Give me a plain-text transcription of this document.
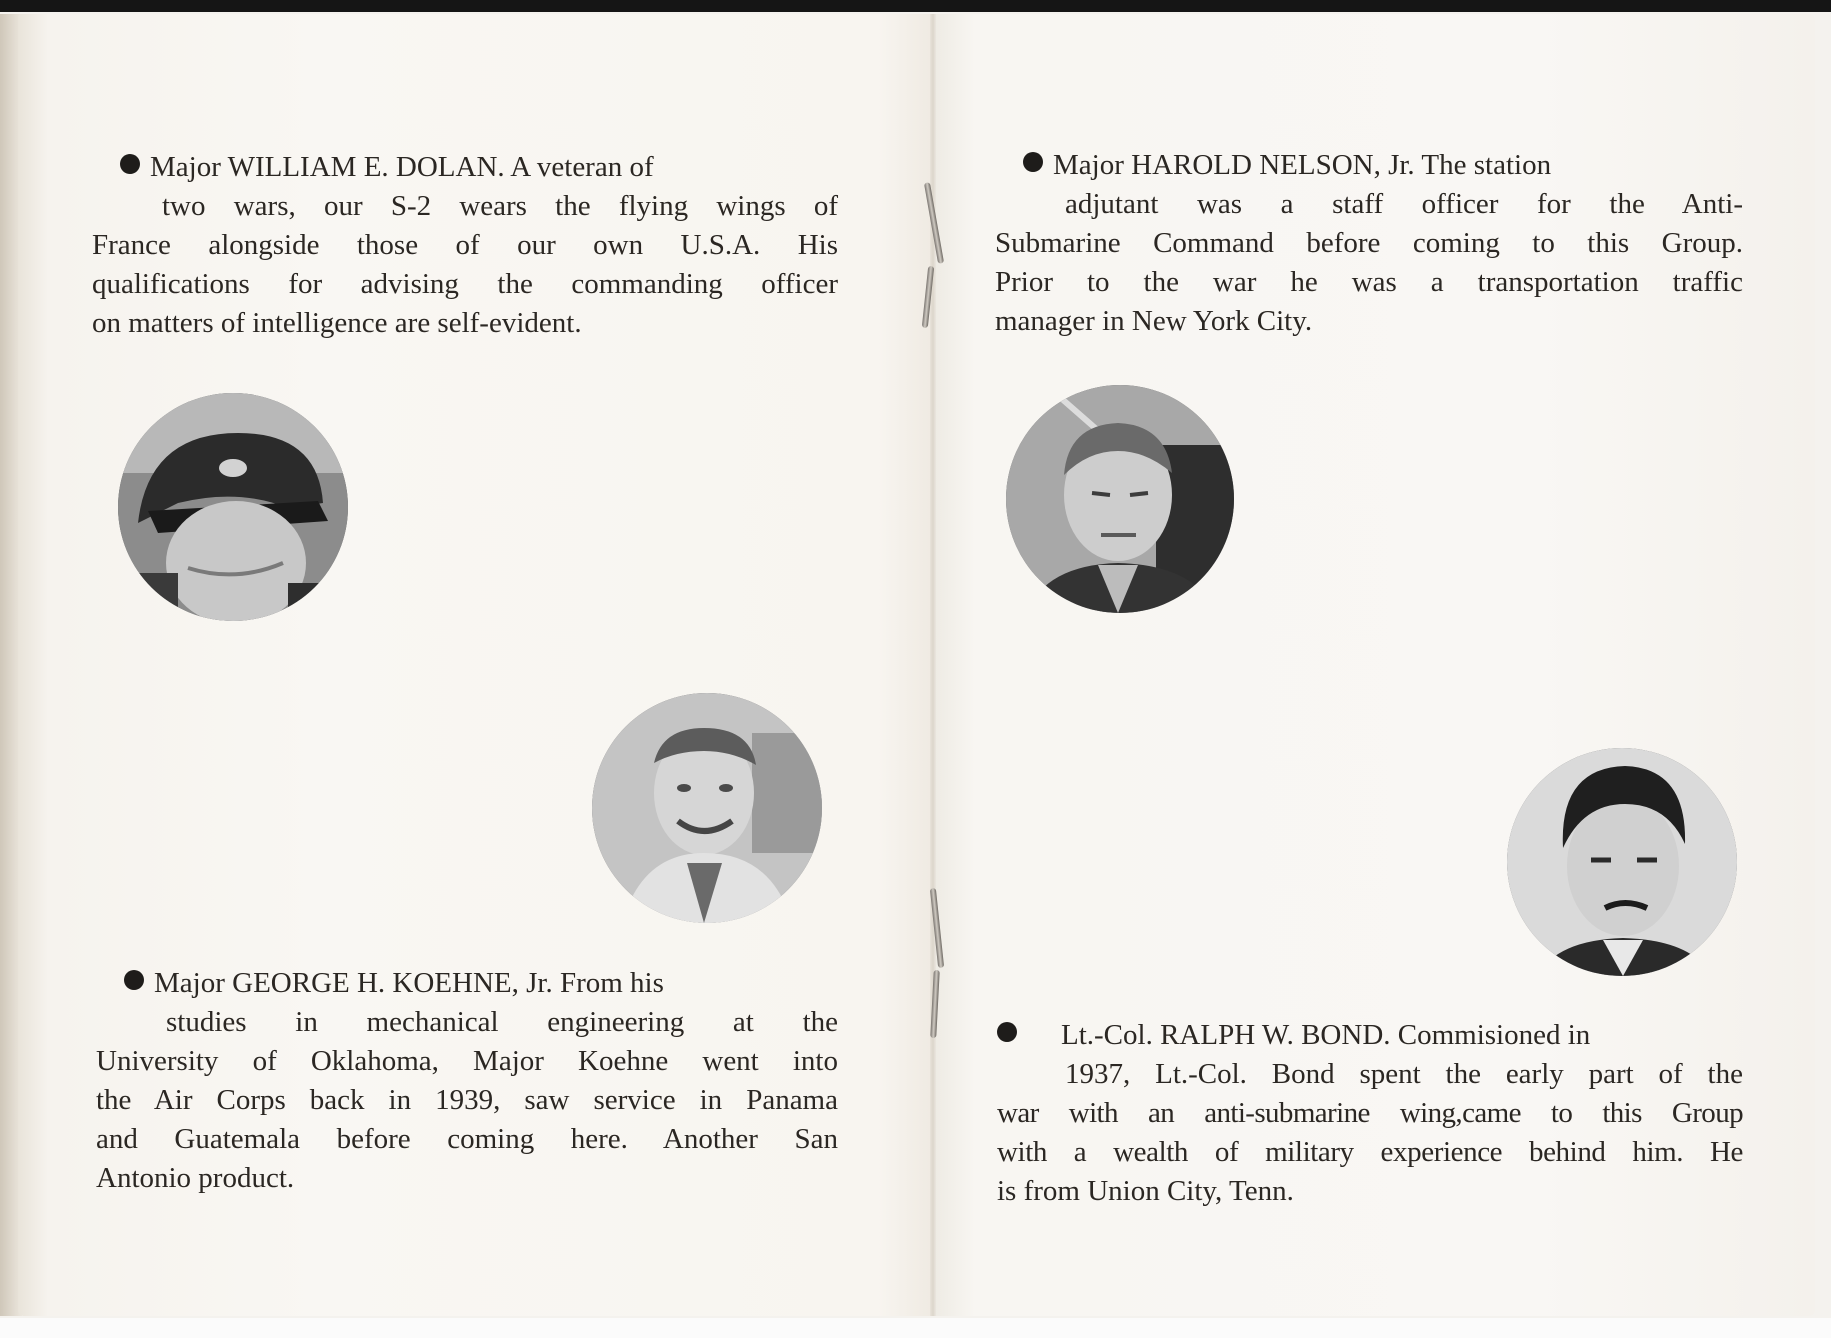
Major WILLIAM E. DOLAN. A veteran of

two wars, our S-2 wears the flying wings of

France alongside those of our own U.S.A. His

qualifications for advising the commanding officer

on matters of intelligence are self-evident.

Major GEORGE H. KOEHNE, Jr. From his

studies in mechanical engineering at the

University of Oklahoma, Major Koehne went into

the Air Corps back in 1939, saw service in Panama

and Guatemala before coming here. Another San

Antonio product.

Major HAROLD NELSON, Jr. The station

adjutant was a staff officer for the Anti-

Submarine Command before coming to this Group.

Prior to the war he was a transportation traffic

manager in New York City.

Lt.-Col. RALPH W. BOND. Commisioned in

1937, Lt.-Col. Bond spent the early part of the

war with an anti-submarine wing,came to this Group

with a wealth of military experience behind him. He

is from Union City, Tenn.
